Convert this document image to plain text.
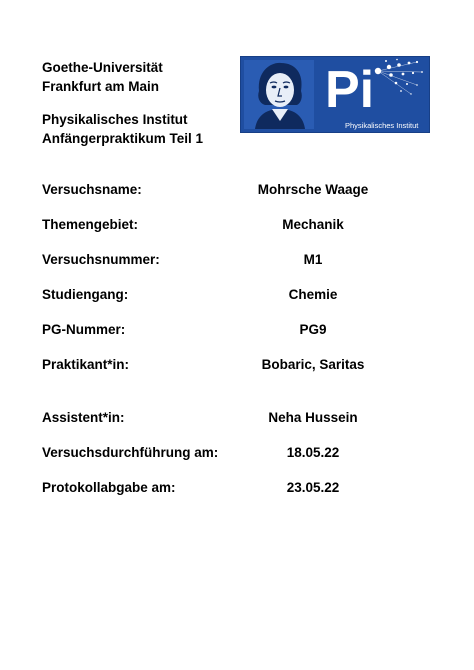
Goethe-Universität
Frankfurt am Main
Physikalisches Institut
Anfängerpraktikum Teil 1
Pi
Physikalisches Institut
Versuchsname:	Mohrsche Waage
Themengebiet:	Mechanik
Versuchsnummer:	M1
Studiengang:	Chemie
PG-Nummer:	PG9
Praktikant*in:	Bobaric, Saritas
Assistent*in:	Neha Hussein
Versuchsdurchführung am:	18.05.22
Protokollabgabe am:	23.05.22
